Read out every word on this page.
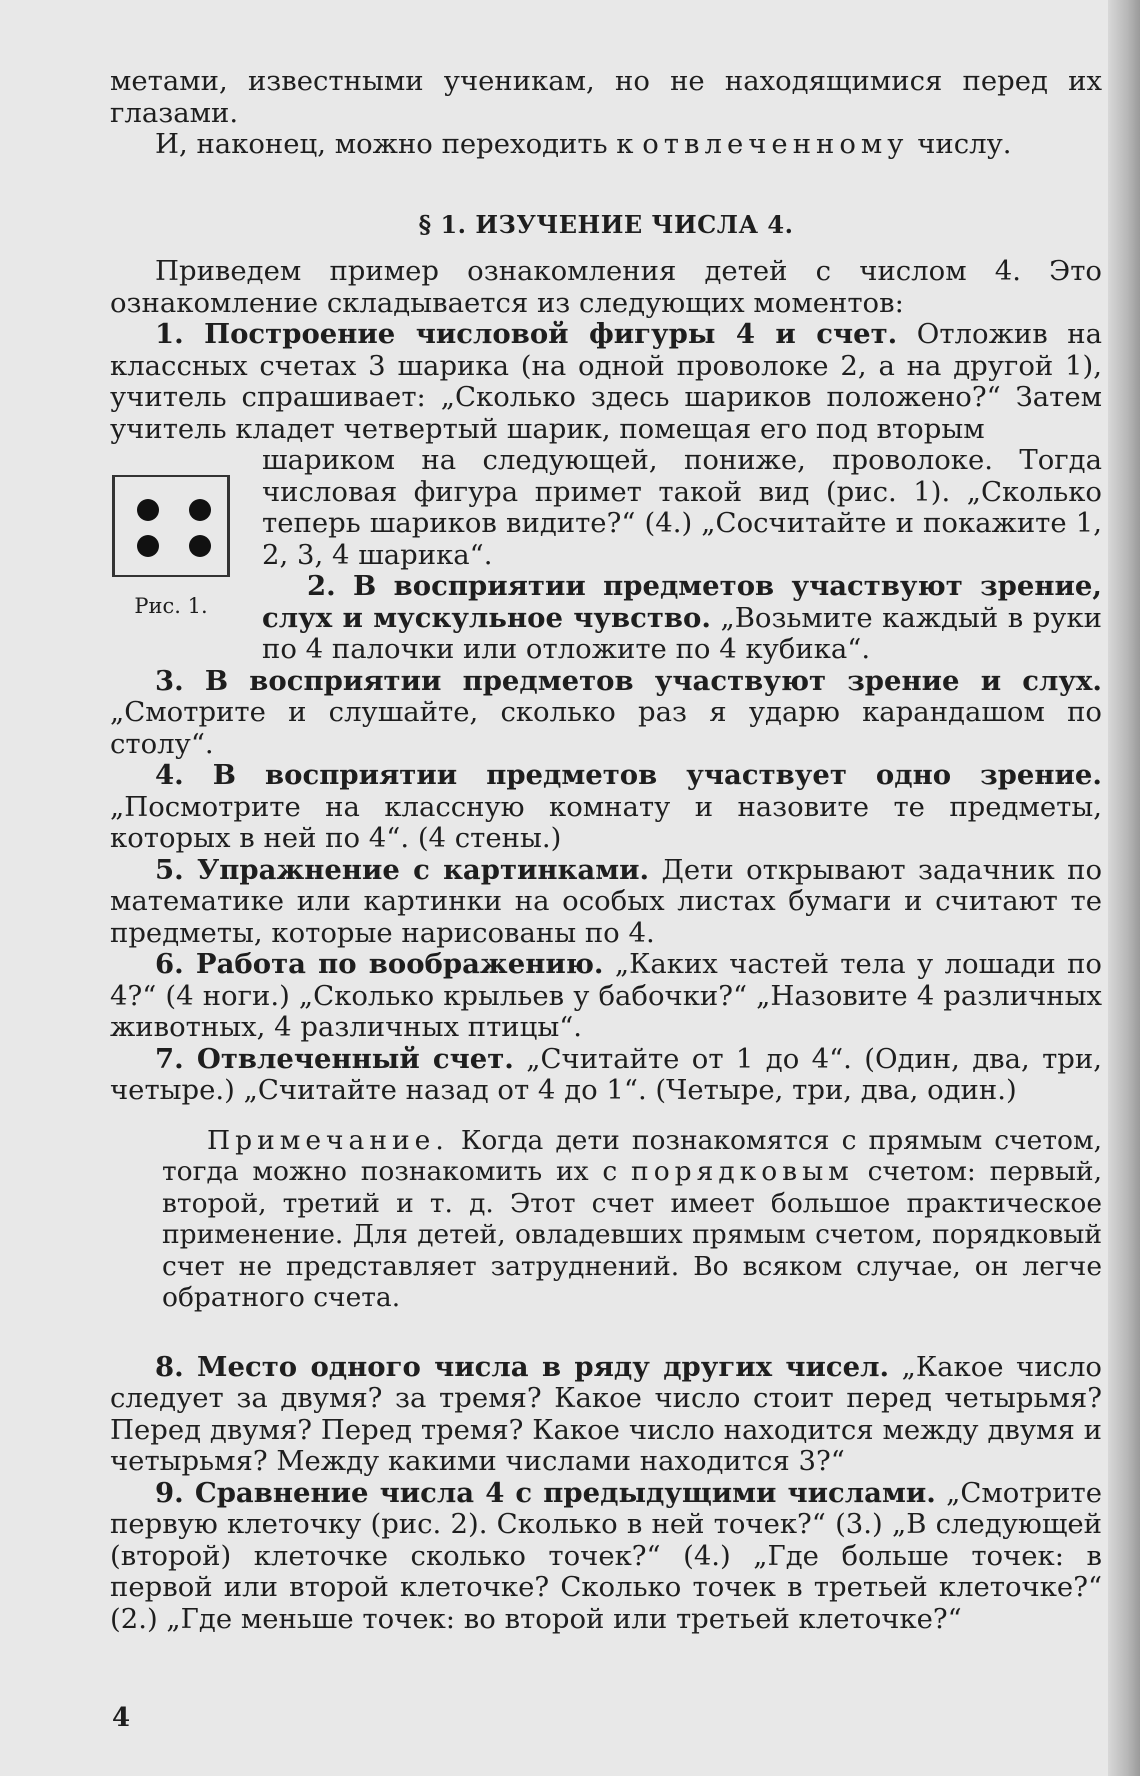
метами, известными ученикам, но не находящимися перед их глазами.

И, наконец, можно переходить к отвлеченному числу.

§ 1. ИЗУЧЕНИЕ ЧИСЛА 4.

Приведем пример ознакомления детей с числом 4. Это ознакомление складывается из следующих моментов:

1. Построение числовой фигуры 4 и счет. Отложив на классных счетах 3 шарика (на одной проволоке 2, а на другой 1), учитель спрашивает: „Сколько здесь шариков положено?“ Затем учитель кладет четвертый шарик, помещая его под вторым

Рис. 1.

шариком на следующей, пониже, проволоке. Тогда числовая фигура примет такой вид (рис. 1). „Сколько теперь шариков видите?“ (4.) „Сосчитайте и покажите 1, 2, 3, 4 шарика“.

2. В восприятии предметов участвуют зрение, слух и мускульное чувство. „Возьмите каждый в руки по 4 палочки или отложите по 4 кубика“.

3. В восприятии предметов участвуют зрение и слух. „Смотрите и слушайте, сколько раз я ударю карандашом по столу“.

4. В восприятии предметов участвует одно зрение. „Посмотрите на классную комнату и назовите те предметы, которых в ней по 4“. (4 стены.)

5. Упражнение с картинками. Дети открывают задачник по математике или картинки на особых листах бумаги и считают те предметы, которые нарисованы по 4.

6. Работа по воображению. „Каких частей тела у лошади по 4?“ (4 ноги.) „Сколько крыльев у бабочки?“ „Назовите 4 различных животных, 4 различных птицы“.

7. Отвлеченный счет. „Считайте от 1 до 4“. (Один, два, три, четыре.) „Считайте назад от 4 до 1“. (Четыре, три, два, один.)

Примечание. Когда дети познакомятся с прямым счетом, тогда можно познакомить их с порядковым счетом: первый, второй, третий и т. д. Этот счет имеет большое практическое применение. Для детей, овладевших прямым счетом, порядковый счет не представляет затруднений. Во всяком случае, он легче обратного счета.

8. Место одного числа в ряду других чисел. „Какое число следует за двумя? за тремя? Какое число стоит перед четырьмя? Перед двумя? Перед тремя? Какое число находится между двумя и четырьмя? Между какими числами находится 3?“

9. Сравнение числа 4 с предыдущими числами. „Смотрите первую клеточку (рис. 2). Сколько в ней точек?“ (3.) „В следующей (второй) клеточке сколько точек?“ (4.) „Где больше точек: в первой или второй клеточке? Сколько точек в третьей клеточке?“ (2.) „Где меньше точек: во второй или третьей клеточке?“

4
